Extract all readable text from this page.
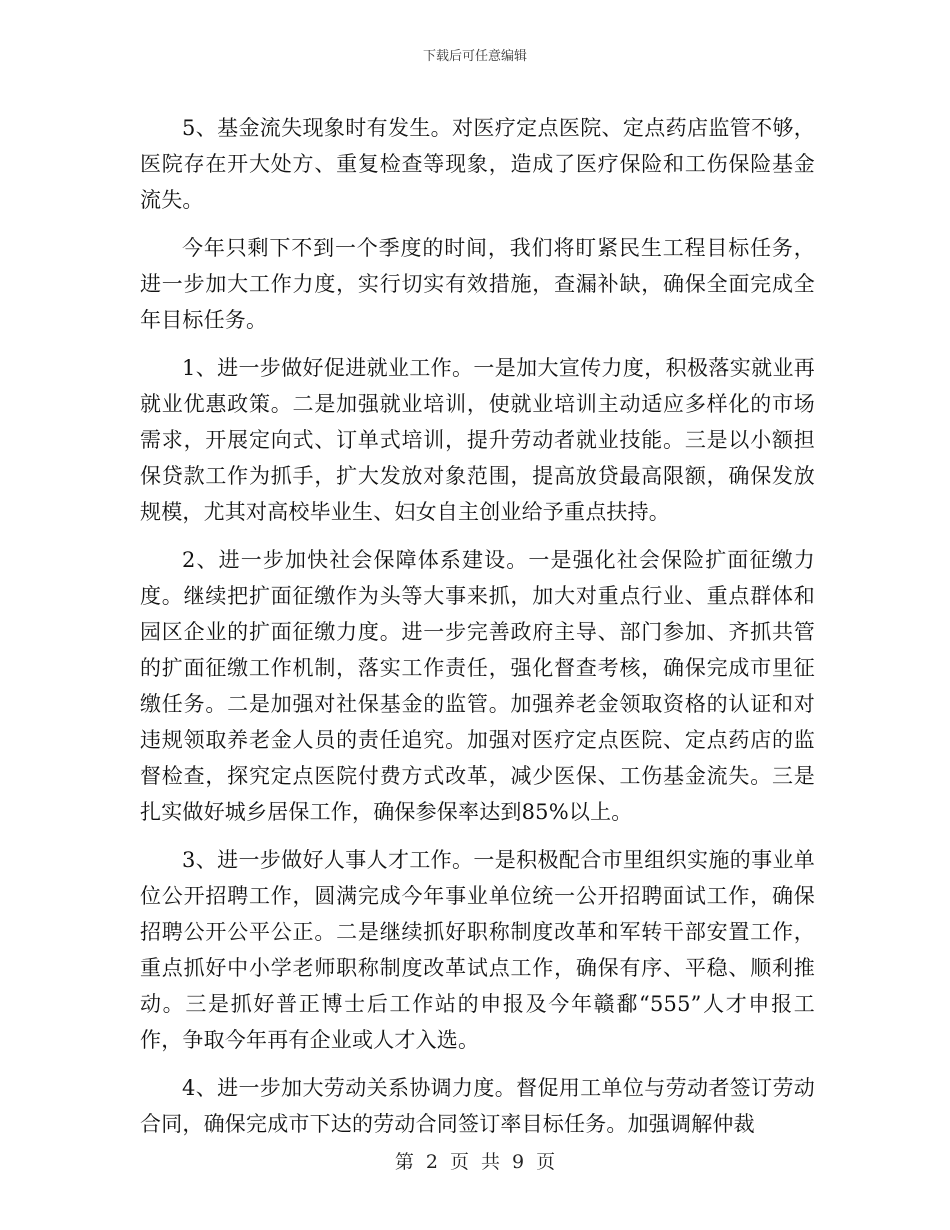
下载后可任意编辑

5、基金流失现象时有发生。对医疗定点医院、定点药店监管不够，医院存在开大处方、重复检查等现象，造成了医疗保险和工伤保险基金流失。

今年只剩下不到一个季度的时间，我们将盯紧民生工程目标任务，进一步加大工作力度，实行切实有效措施，查漏补缺，确保全面完成全年目标任务。

1、进一步做好促进就业工作。一是加大宣传力度，积极落实就业再就业优惠政策。二是加强就业培训，使就业培训主动适应多样化的市场需求，开展定向式、订单式培训，提升劳动者就业技能。三是以小额担保贷款工作为抓手，扩大发放对象范围，提高放贷最高限额，确保发放规模，尤其对高校毕业生、妇女自主创业给予重点扶持。

2、进一步加快社会保障体系建设。一是强化社会保险扩面征缴力度。继续把扩面征缴作为头等大事来抓，加大对重点行业、重点群体和园区企业的扩面征缴力度。进一步完善政府主导、部门参加、齐抓共管的扩面征缴工作机制，落实工作责任，强化督查考核，确保完成市里征缴任务。二是加强对社保基金的监管。加强养老金领取资格的认证和对违规领取养老金人员的责任追究。加强对医疗定点医院、定点药店的监督检查，探究定点医院付费方式改革，减少医保、工伤基金流失。三是扎实做好城乡居保工作，确保参保率达到85%以上。

3、进一步做好人事人才工作。一是积极配合市里组织实施的事业单位公开招聘工作，圆满完成今年事业单位统一公开招聘面试工作，确保招聘公开公平公正。二是继续抓好职称制度改革和军转干部安置工作，重点抓好中小学老师职称制度改革试点工作，确保有序、平稳、顺利推动。三是抓好普正博士后工作站的申报及今年赣鄱“555”人才申报工作，争取今年再有企业或人才入选。

4、进一步加大劳动关系协调力度。督促用工单位与劳动者签订劳动合同，确保完成市下达的劳动合同签订率目标任务。加强调解仲裁

第 2 页 共 9 页
